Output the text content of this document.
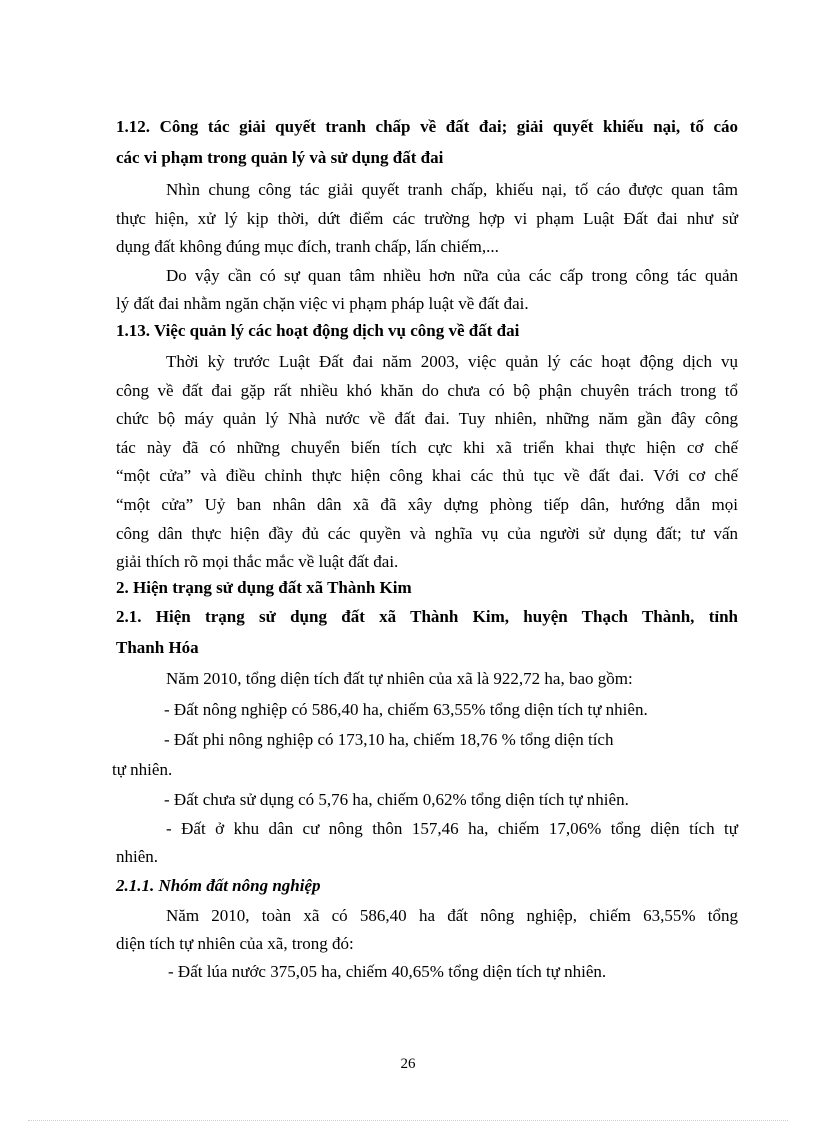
1.12. Công tác giải quyết tranh chấp về đất đai; giải quyết khiếu nại, tố cáo
các vi phạm trong quản lý và sử dụng đất đai
Nhìn chung công tác giải quyết tranh chấp, khiếu nại, tố cáo được quan tâm
thực hiện, xử lý kịp thời, dứt điểm các trường hợp vi phạm Luật Đất đai như sử
dụng đất không đúng mục đích, tranh chấp, lấn chiếm,...
Do vậy cần có sự quan tâm nhiều hơn nữa của các cấp trong công tác quản
lý đất đai nhằm ngăn chặn việc vi phạm pháp luật về đất đai.
1.13. Việc quản lý các hoạt động dịch vụ công về đất đai
Thời kỳ trước Luật Đất đai năm 2003, việc quản lý các hoạt động dịch vụ
công về đất đai gặp rất nhiều khó khăn do chưa có bộ phận chuyên trách trong tổ
chức bộ máy quản lý Nhà nước về đất đai. Tuy nhiên, những năm gần đây công
tác này đã có những chuyển biến tích cực khi xã triển khai thực hiện cơ chế
“một cửa” và điều chỉnh thực hiện công khai các thủ tục về đất đai. Với cơ chế
“một cửa” Uỷ ban nhân dân xã đã xây dựng phòng tiếp dân, hướng dẫn mọi
công dân thực hiện đầy đủ các quyền và nghĩa vụ của người sử dụng đất; tư vấn
giải thích rõ mọi thắc mắc về luật đất đai.
2. Hiện trạng sử dụng đất xã Thành Kim
2.1. Hiện trạng sử dụng đất xã Thành Kim, huyện Thạch Thành, tỉnh
Thanh Hóa
Năm 2010, tổng diện tích đất tự nhiên của xã là 922,72 ha, bao gồm:
- Đất nông nghiệp có 586,40 ha, chiếm 63,55% tổng diện tích tự nhiên.
- Đất phi nông nghiệp có 173,10 ha, chiếm 18,76 % tổng diện tích
tự nhiên.
- Đất chưa sử dụng có 5,76 ha, chiếm 0,62% tổng diện tích tự nhiên.
- Đất ở khu dân cư nông thôn 157,46 ha, chiếm 17,06% tổng diện tích tự
nhiên.
2.1.1. Nhóm đất nông nghiệp
Năm 2010, toàn xã có 586,40 ha đất nông nghiệp, chiếm 63,55% tổng
diện tích tự nhiên của xã, trong đó:
- Đất lúa nước 375,05 ha, chiếm 40,65% tổng diện tích tự nhiên.
26
